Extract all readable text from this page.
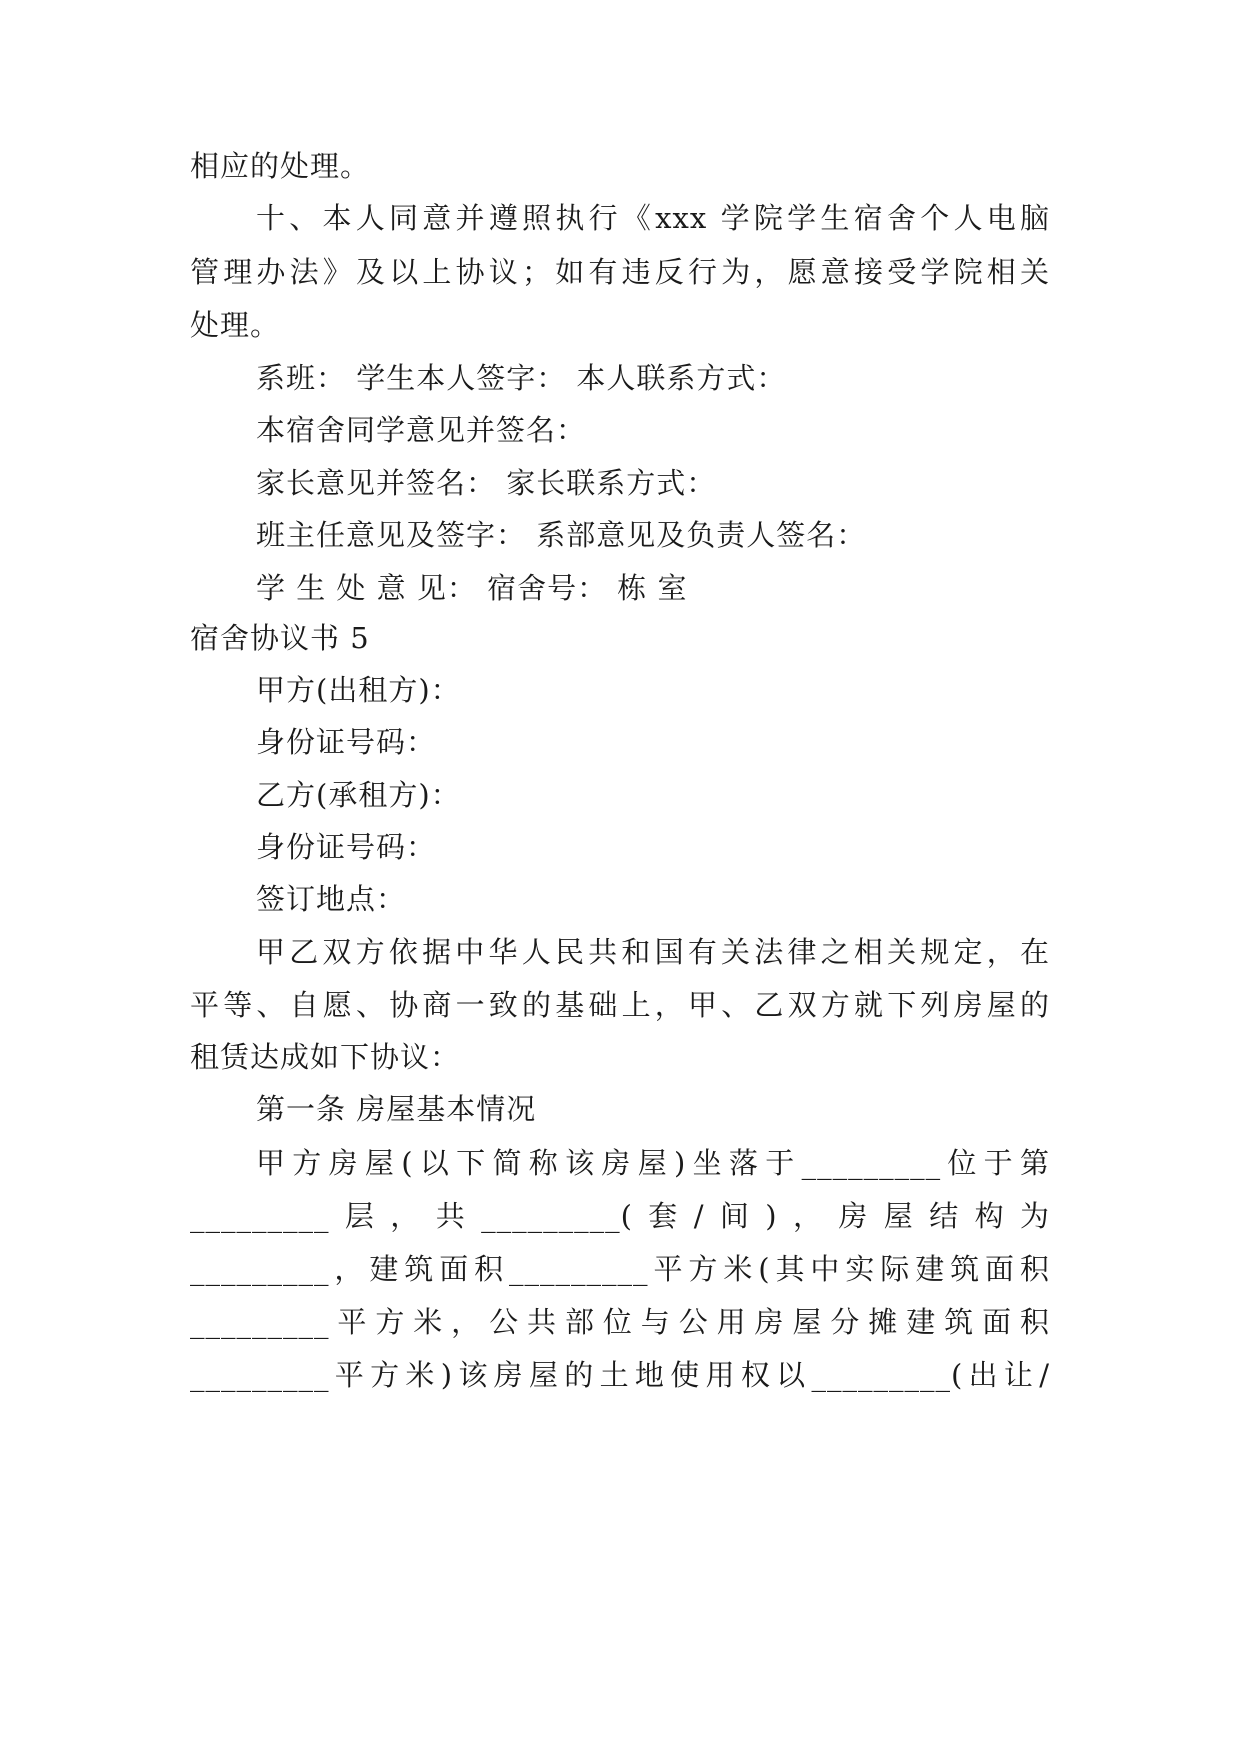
相应的处理。
十、本人同意并遵照执行《xxx 学院学生宿舍个人电脑
管理办法》及以上协议；如有违反行为，愿意接受学院相关
处理。
系班： 学生本人签字： 本人联系方式：
本宿舍同学意见并签名：
家长意见并签名： 家长联系方式：
班主任意见及签字： 系部意见及负责人签名：
学 生 处 意 见： 宿舍号： 栋 室
宿舍协议书 5
甲方(出租方)：
身份证号码：
乙方(承租方)：
身份证号码：
签订地点：
甲乙双方依据中华人民共和国有关法律之相关规定，在
平等、自愿、协商一致的基础上，甲、乙双方就下列房屋的
租赁达成如下协议：
第一条 房屋基本情况
甲方房屋(以下简称该房屋)坐落于_________位于第
_________层，共_________(套/间)，房屋结构为
_________，建筑面积_________平方米(其中实际建筑面积
_________平方米，公共部位与公用房屋分摊建筑面积
_________平方米)该房屋的土地使用权以_________(出让/
